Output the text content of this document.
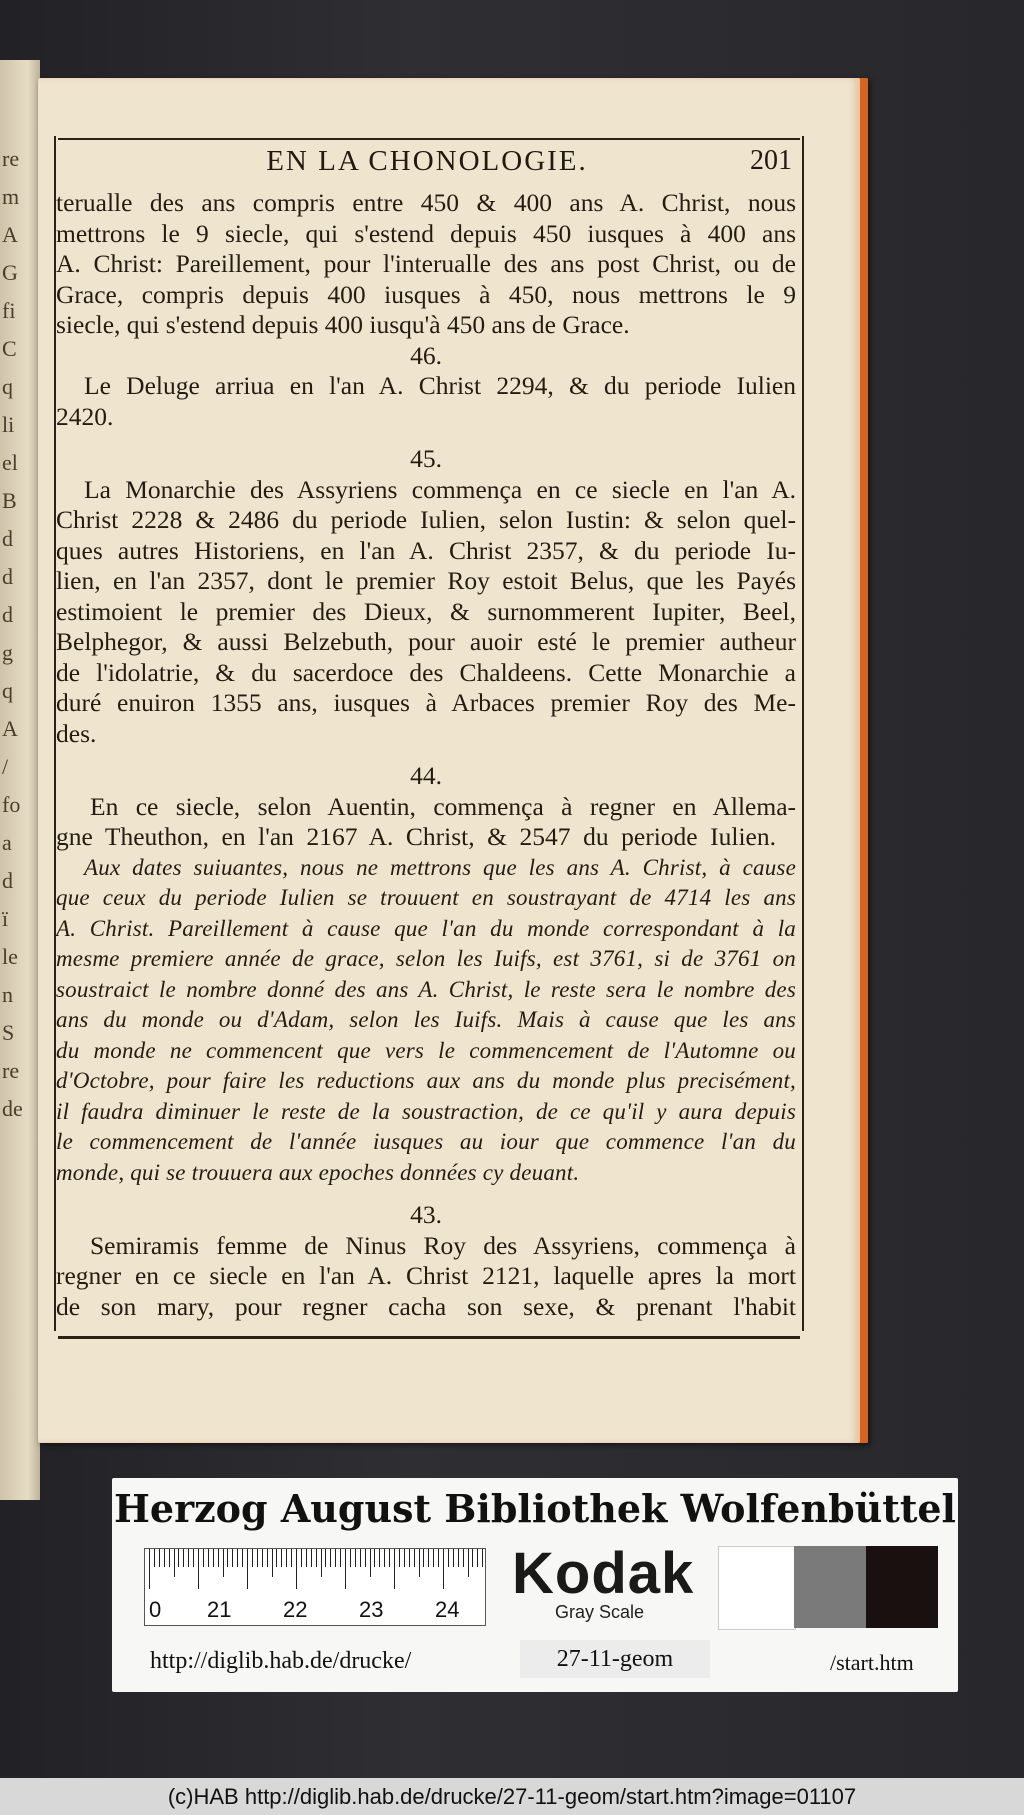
re
m
A
G
fi
C
q
li
el
B
d
d
d
g
q
A
/
fo
a
d
ï
le
n
S
re
de
EN LA CHONOLOGIE.	201
terualle des ans compris entre 450 & 400 ans A. Christ, nous
mettrons le 9 siecle, qui s'estend depuis 450 iusques à 400 ans
A. Christ: Pareillement, pour l'interualle des ans post Christ, ou de
Grace, compris depuis 400 iusques à 450, nous mettrons le 9
siecle, qui s'estend depuis 400 iusqu'à 450 ans de Grace.
46.
Le Deluge arriua en l'an A. Christ 2294, & du periode Iulien
2420.
45.
La Monarchie des Assyriens commença en ce siecle en l'an A.
Christ 2228 & 2486 du periode Iulien, selon Iustin: & selon quel-
ques autres Historiens, en l'an A. Christ 2357, & du periode Iu-
lien, en l'an 2357, dont le premier Roy estoit Belus, que les Payés
estimoient le premier des Dieux, & surnommerent Iupiter, Beel,
Belphegor, & aussi Belzebuth, pour auoir esté le premier autheur
de l'idolatrie, & du sacerdoce des Chaldeens. Cette Monarchie a
duré enuiron 1355 ans, iusques à Arbaces premier Roy des Me-
des.
44.
En ce siecle, selon Auentin, commença à regner en Allema-
gne Theuthon, en l'an 2167 A. Christ, & 2547 du periode Iulien.
Aux dates suiuantes, nous ne mettrons que les ans A. Christ, à cause
que ceux du periode Iulien se trouuent en soustrayant de 4714 les ans
A. Christ. Pareillement à cause que l'an du monde correspondant à la
mesme premiere année de grace, selon les Iuifs, est 3761, si de 3761 on
soustraict le nombre donné des ans A. Christ, le reste sera le nombre des
ans du monde ou d'Adam, selon les Iuifs. Mais à cause que les ans
du monde ne commencent que vers le commencement de l'Automne ou
d'Octobre, pour faire les reductions aux ans du monde plus precisément,
il faudra diminuer le reste de la soustraction, de ce qu'il y aura depuis
le commencement de l'année iusques au iour que commence l'an du
monde, qui se trouuera aux epoches données cy deuant.
43.
Semiramis femme de Ninus Roy des Assyriens, commença à
regner en ce siecle en l'an A. Christ 2121, laquelle apres la mort
de son mary, pour regner cacha son sexe, & prenant l'habit
Herzog August Bibliothek Wolfenbüttel
0 21 22 23 24
Kodak
Gray Scale
http://diglib.hab.de/drucke/	27-11-geom	/start.htm
(c)HAB http://diglib.hab.de/drucke/27-11-geom/start.htm?image=01107
